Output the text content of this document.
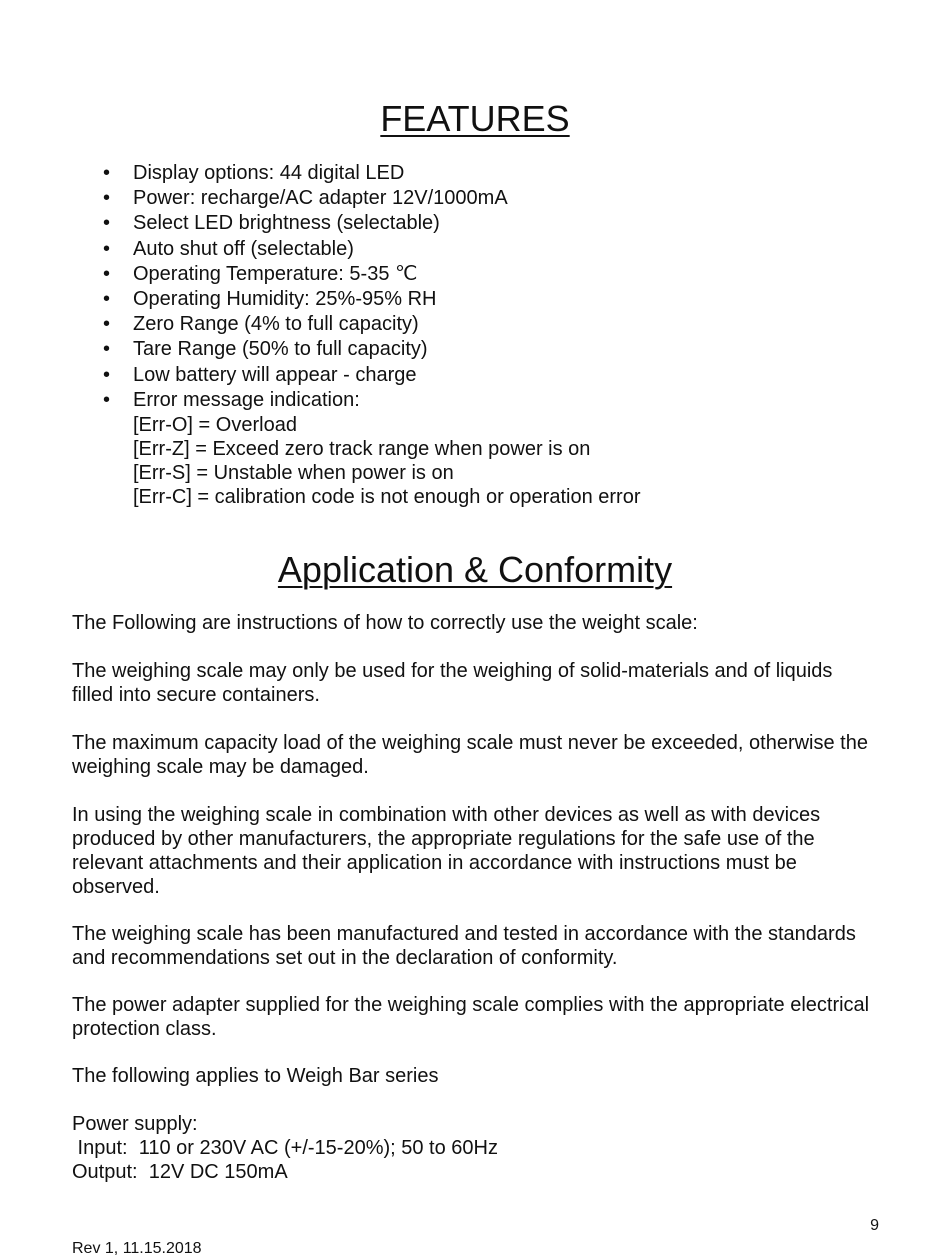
FEATURES
• Display options: 44 digital LED
• Power: recharge/AC adapter 12V/1000mA
• Select LED brightness (selectable)
• Auto shut off (selectable)
• Operating Temperature: 5-35 ℃
• Operating Humidity: 25%-95% RH
• Zero Range (4% to full capacity)
• Tare Range (50% to full capacity)
• Low battery will appear - charge
• Error message indication:
[Err-O] = Overload
[Err-Z] = Exceed zero track range when power is on
[Err-S] = Unstable when power is on
[Err-C] = calibration code is not enough or operation error
Application & Conformity

The Following are instructions of how to correctly use the weight scale:

The weighing scale may only be used for the weighing of solid-materials and of liquids filled into secure containers.

The maximum capacity load of the weighing scale must never be exceeded, otherwise the weighing scale may be damaged.

In using the weighing scale in combination with other devices as well as with devices produced by other manufacturers, the appropriate regulations for the safe use of the relevant attachments and their application in accordance with instructions must be observed.

The weighing scale has been manufactured and tested in accordance with the standards and recommendations set out in the declaration of conformity.

The power adapter supplied for the weighing scale complies with the appropriate electrical protection class.

The following applies to Weigh Bar series

Power supply:
Input:  110 or 230V AC (+/-15-20%); 50 to 60Hz
Output:  12V DC 150mA
9
Rev 1, 11.15.2018
